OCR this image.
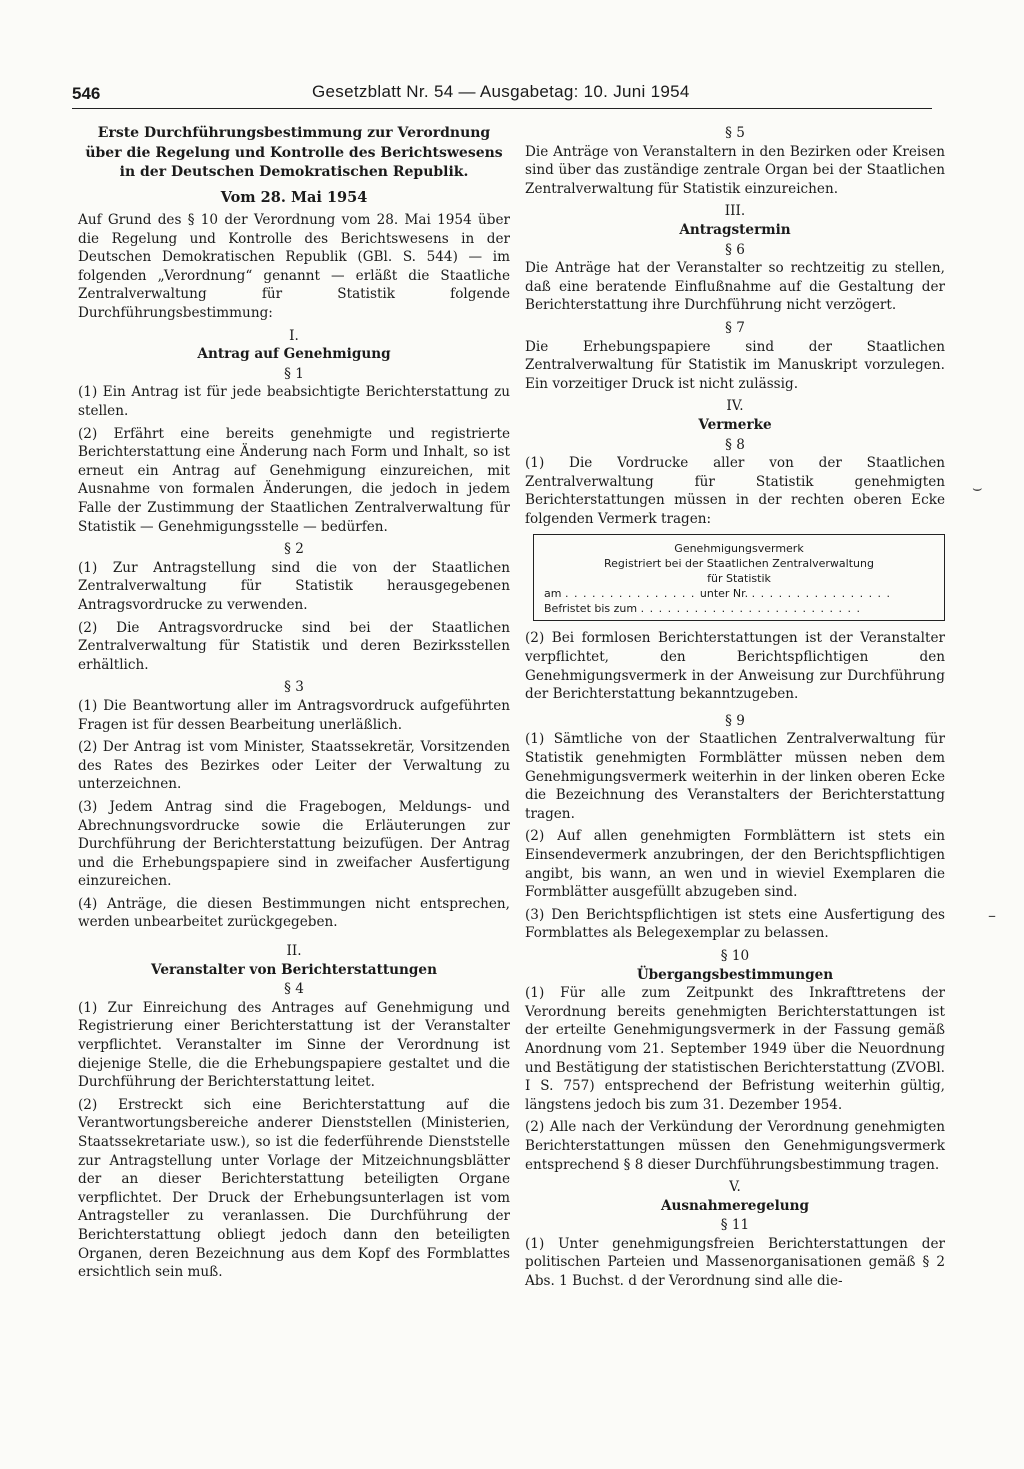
546	Gesetzblatt Nr. 54 — Ausgabetag: 10. Juni 1954

Erste Durchführungsbestimmung zur Verordnung über die Regelung und Kontrolle des Berichtswesens in der Deutschen Demokratischen Republik.

Vom 28. Mai 1954

Auf Grund des § 10 der Verordnung vom 28. Mai 1954 über die Regelung und Kontrolle des Berichtswesens in der Deutschen Demokratischen Republik (GBl. S. 544) — im folgenden „Verordnung“ genannt — erläßt die Staatliche Zentralverwaltung für Statistik folgende Durchführungsbestimmung:

I.

Antrag auf Genehmigung

§ 1

(1) Ein Antrag ist für jede beabsichtigte Berichterstattung zu stellen.

(2) Erfährt eine bereits genehmigte und registrierte Berichterstattung eine Änderung nach Form und Inhalt, so ist erneut ein Antrag auf Genehmigung einzureichen, mit Ausnahme von formalen Änderungen, die jedoch in jedem Falle der Zustimmung der Staatlichen Zentralverwaltung für Statistik — Genehmigungsstelle — bedürfen.

§ 2

(1) Zur Antragstellung sind die von der Staatlichen Zentralverwaltung für Statistik herausgegebenen Antragsvordrucke zu verwenden.

(2) Die Antragsvordrucke sind bei der Staatlichen Zentralverwaltung für Statistik und deren Bezirksstellen erhältlich.

§ 3

(1) Die Beantwortung aller im Antragsvordruck aufgeführten Fragen ist für dessen Bearbeitung unerläßlich.

(2) Der Antrag ist vom Minister, Staatssekretär, Vorsitzenden des Rates des Bezirkes oder Leiter der Verwaltung zu unterzeichnen.

(3) Jedem Antrag sind die Fragebogen, Meldungs- und Abrechnungsvordrucke sowie die Erläuterungen zur Durchführung der Berichterstattung beizufügen. Der Antrag und die Erhebungspapiere sind in zweifacher Ausfertigung einzureichen.

(4) Anträge, die diesen Bestimmungen nicht entsprechen, werden unbearbeitet zurückgegeben.

II.

Veranstalter von Berichterstattungen

§ 4

(1) Zur Einreichung des Antrages auf Genehmigung und Registrierung einer Berichterstattung ist der Veranstalter verpflichtet. Veranstalter im Sinne der Verordnung ist diejenige Stelle, die die Erhebungspapiere gestaltet und die Durchführung der Berichterstattung leitet.

(2) Erstreckt sich eine Berichterstattung auf die Verantwortungsbereiche anderer Dienststellen (Ministerien, Staatssekretariate usw.), so ist die federführende Dienststelle zur Antragstellung unter Vorlage der Mitzeichnungsblätter der an dieser Berichterstattung beteiligten Organe verpflichtet. Der Druck der Erhebungsunterlagen ist vom Antragsteller zu veranlassen. Die Durchführung der Berichterstattung obliegt jedoch dann den beteiligten Organen, deren Bezeichnung aus dem Kopf des Formblattes ersichtlich sein muß.

§ 5

Die Anträge von Veranstaltern in den Bezirken oder Kreisen sind über das zuständige zentrale Organ bei der Staatlichen Zentralverwaltung für Statistik einzureichen.

III.

Antragstermin

§ 6

Die Anträge hat der Veranstalter so rechtzeitig zu stellen, daß eine beratende Einflußnahme auf die Gestaltung der Berichterstattung ihre Durchführung nicht verzögert.

§ 7

Die Erhebungspapiere sind der Staatlichen Zentralverwaltung für Statistik im Manuskript vorzulegen. Ein vorzeitiger Druck ist nicht zulässig.

IV.

Vermerke

§ 8

(1) Die Vordrucke aller von der Staatlichen Zentralverwaltung für Statistik genehmigten Berichterstattungen müssen in der rechten oberen Ecke folgenden Vermerk tragen:

Genehmigungsvermerk
Registriert bei der Staatlichen Zentralverwaltung
für Statistik
am . . . . . . . . . . . . . . . unter Nr. . . . . . . . . . . . . . . . .
Befristet bis zum . . . . . . . . . . . . . . . . . . . . . . . . .

(2) Bei formlosen Berichterstattungen ist der Veranstalter verpflichtet, den Berichtspflichtigen den Genehmigungsvermerk in der Anweisung zur Durchführung der Berichterstattung bekanntzugeben.

§ 9

(1) Sämtliche von der Staatlichen Zentralverwaltung für Statistik genehmigten Formblätter müssen neben dem Genehmigungsvermerk weiterhin in der linken oberen Ecke die Bezeichnung des Veranstalters der Berichterstattung tragen.

(2) Auf allen genehmigten Formblättern ist stets ein Einsendevermerk anzubringen, der den Berichtspflichtigen angibt, bis wann, an wen und in wieviel Exemplaren die Formblätter ausgefüllt abzugeben sind.

(3) Den Berichtspflichtigen ist stets eine Ausfertigung des Formblattes als Belegexemplar zu belassen.

§ 10

Übergangsbestimmungen

(1) Für alle zum Zeitpunkt des Inkrafttretens der Verordnung bereits genehmigten Berichterstattungen ist der erteilte Genehmigungsvermerk in der Fassung gemäß Anordnung vom 21. September 1949 über die Neuordnung und Bestätigung der statistischen Berichterstattung (ZVOBl. I S. 757) entsprechend der Befristung weiterhin gültig, längstens jedoch bis zum 31. Dezember 1954.

(2) Alle nach der Verkündung der Verordnung genehmigten Berichterstattungen müssen den Genehmigungsvermerk entsprechend § 8 dieser Durchführungsbestimmung tragen.

V.

Ausnahmeregelung

§ 11

(1) Unter genehmigungsfreien Berichterstattungen der politischen Parteien und Massenorganisationen gemäß § 2 Abs. 1 Buchst. d der Verordnung sind alle die-

⌣
–
